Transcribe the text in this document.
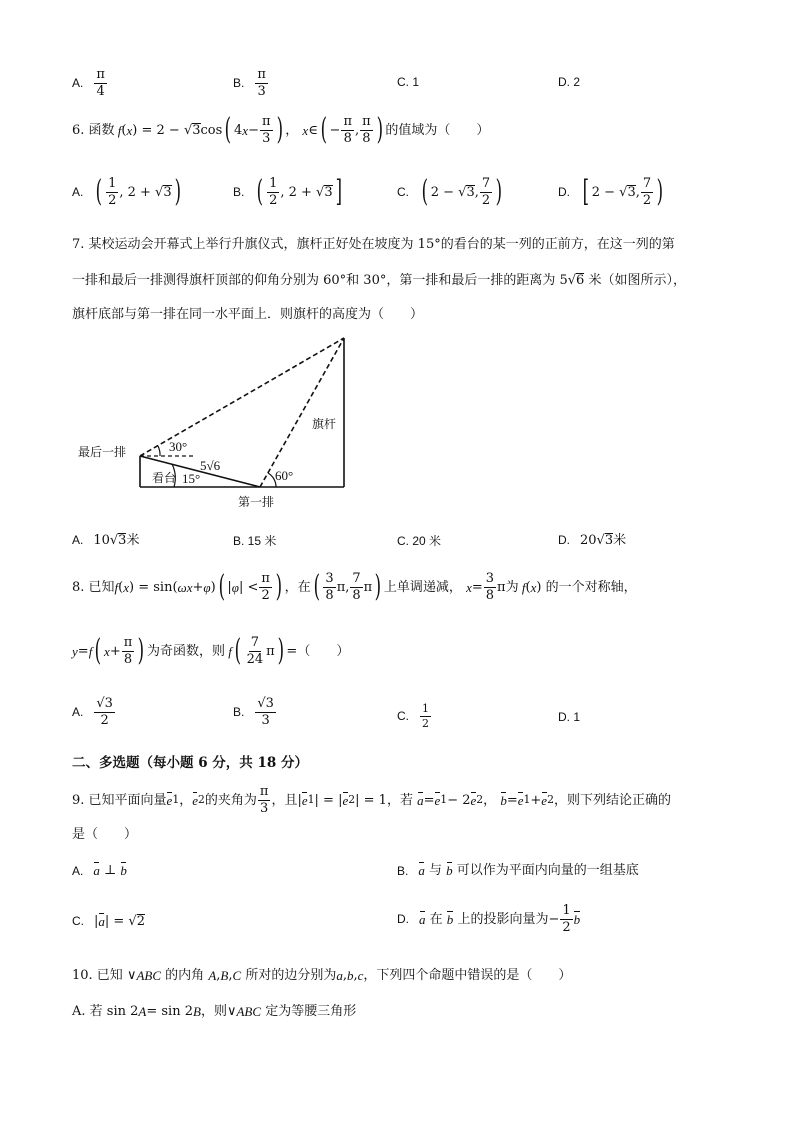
A. $\frac{\pi}{4}$	B. $\frac{\pi}{3}$	C. 1	D. 2
6. 函数 f ( x ) = 2 − √ 3 cos ( 4 $x - \frac{\pi}{3}$ ) ，
x ∈ ( − $\frac{\pi}{8}$ , $\frac{\pi}{8}$ ) 的值域为（　　）
A. ( $\frac{1}{2}$ , 2 + √ 3 )	B. ( $\frac{1}{2}$ , 2 + √ 3 ]	C. ( 2 − √ 3 , $\frac{7}{2}$ )	D. [ 2 − √ 3 , $\frac{7}{2}$ )
7. 某校运动会开幕式上举行升旗仪式，旗杆正好处在坡度为 15°的看台的某一列的正前方，在这一列的第
一排和最后一排测得旗杆顶部的仰角分别为 60°和 30°，第一排和最后一排的距离为 5√ 6
米（如图所示），
旗杆底部与第一排在同一水平面上．则旗杆的高度为（　　）
最后一排	30°
5√6
看台 15°	60°
旗杆
第一排
A. 10√ 3 米	B. 15 米	C. 20 米	D. 20√ 3 米
8. 已知 f ( x ) = sin( ωx + φ ) ( | φ | < $\frac{\pi}{2}$ ) ，在 ( $\frac{3}{8} \pi$, $\frac{7}{8}$ π ) 上单调递减，
$x = \frac{3}{8}$ π 为 f ( x ) 的一个对称轴，
y = f ( $x + \frac{\pi}{8}$ ) 为奇函数，则 f ( $\frac{7}{24}$ π ) = （　　）
A. $\frac{√3}{2}$	B. $\frac{√3}{3}$	C. $\frac{1}{2}$	D. 1
二、多选题（每小题 6 分，共 18 分）
9. 已知平面向量 e 1 ， e 2 的夹角为 $\frac{\pi}{3}$ ，且 | e 1 | = | e 2 | = 1 ，若
a = e 1 − 2 e 2 ，
b = e 1 + e 2 ，则下列结论正确的
是（　　）
A. a ⊥ b	B. a
与
b
可以作为平面内向量的一组基底
C. | a | = √ 2	D. a
在
b
上的投影向量为 − $\frac{1}{2}$ b
10. 已知
∨ ABC
的内角
A , B , C
所对的边分别为 a , b , c ，下列四个命题中错误的是（　　）
A. 若
sin 2 A = sin 2 B ，则 ∨ ABC
定为等腰三角形
